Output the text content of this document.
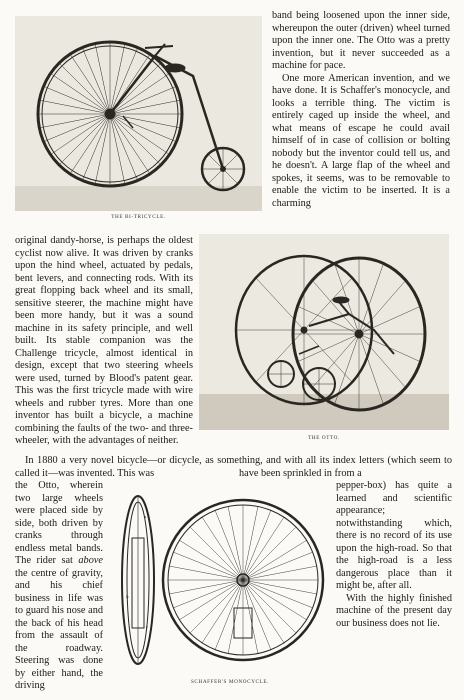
THE BI-TRICYCLE.

band being loosened upon the inner side, whereupon the outer (driven) wheel turned upon the inner one. The Otto was a pretty invention, but it never succeeded as a machine for pace.

One more American invention, and we have done. It is Schaffer's monocycle, and looks a terrible thing. The victim is entirely caged up inside the wheel, and what means of escape he could avail himself of in case of collision or bolting nobody but the inventor could tell us, and he doesn't. A large flap of the wheel and spokes, it seems, was to be removable to enable the victim to be inserted. It is a charming

original dandy-horse, is perhaps the oldest cyclist now alive. It was driven by cranks upon the hind wheel, actuated by pedals, bent levers, and connecting rods. With its great flopping back wheel and its small, sensitive steerer, the machine might have been more handy, but it was a sound machine in its safety principle, and well built. Its stable companion was the Challenge tricycle, almost identical in design, except that two steering wheels were used, turned by Blood's patent gear. This was the first tricycle made with wire wheels and rubber tyres. More than one inventor has built a bicycle, a machine combining the faults of the two- and three-wheeler, with the advantages of neither.	THE OTTO.

In 1880 a very novel bicycle—or dicycle, as some called it—was invented. This was

thing, and with all its index letters (which seem to have been sprinkled in from a

the Otto, wherein two large wheels were placed side by side, both driven by cranks through endless metal bands. The rider sat above the centre of gravity, and his chief business in life was to guard his nose and the back of his head from the assault of the roadway. Steering was done by either hand, the driving

a
b
c
SCHAFFER'S MONOCYCLE.

pepper-box) has quite a learned and scientific appearance; notwithstanding which, there is no record of its use upon the high-road. So that the high-road is a less dangerous place than it might be, after all.

With the highly finished machine of the present day our business does not lie.
